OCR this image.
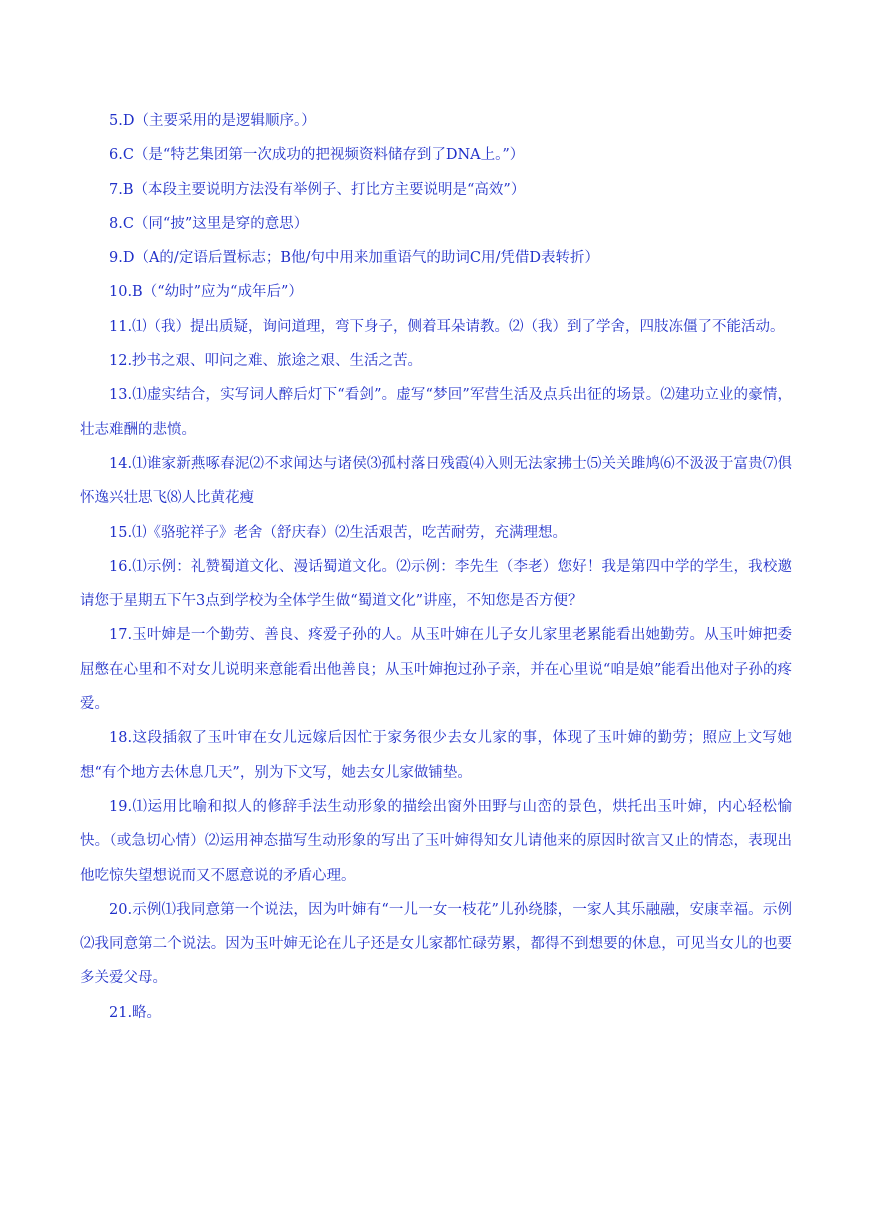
5.D（主要采用的是逻辑顺序。）

6.C（是“特艺集团第一次成功的把视频资料储存到了DNA上。”）

7.B（本段主要说明方法没有举例子、打比方主要说明是“高效”）

8.C（同“披”这里是穿的意思）

9.D（A的/定语后置标志；B他/句中用来加重语气的助词C用/凭借D表转折）

10.B（“幼时”应为“成年后”）

11.⑴（我）提出质疑，询问道理，弯下身子，侧着耳朵请教。⑵（我）到了学舍，四肢冻僵了不能活动。

12.抄书之艰、叩问之难、旅途之艰、生活之苦。

13.⑴虚实结合，实写词人醉后灯下“看剑”。虚写“梦回”军营生活及点兵出征的场景。⑵建功立业的豪情，壮志难酬的悲愤。

14.⑴谁家新燕啄春泥⑵不求闻达与诸侯⑶孤村落日残霞⑷入则无法家拂士⑸关关雎鸠⑹不汲汲于富贵⑺俱怀逸兴壮思飞⑻人比黄花瘦

15.⑴《骆驼祥子》老舍（舒庆春）⑵生活艰苦，吃苦耐劳，充满理想。

16.⑴示例：礼赞蜀道文化、漫话蜀道文化。⑵示例：李先生（李老）您好！我是第四中学的学生，我校邀请您于星期五下午3点到学校为全体学生做“蜀道文化”讲座，不知您是否方便？

17.玉叶婶是一个勤劳、善良、疼爱子孙的人。从玉叶婶在儿子女儿家里老累能看出她勤劳。从玉叶婶把委屈憋在心里和不对女儿说明来意能看出他善良；从玉叶婶抱过孙子亲，并在心里说“咱是娘”能看出他对子孙的疼爱。

18.这段插叙了玉叶审在女儿远嫁后因忙于家务很少去女儿家的事，体现了玉叶婶的勤劳；照应上文写她想“有个地方去休息几天”，别为下文写，她去女儿家做铺垫。

19.⑴运用比喻和拟人的修辞手法生动形象的描绘出窗外田野与山峦的景色，烘托出玉叶婶，内心轻松愉快。（或急切心情）⑵运用神态描写生动形象的写出了玉叶婶得知女儿请他来的原因时欲言又止的情态，表现出他吃惊失望想说而又不愿意说的矛盾心理。

20.示例⑴我同意第一个说法，因为叶婶有“一儿一女一枝花”儿孙绕膝，一家人其乐融融，安康幸福。示例⑵我同意第二个说法。因为玉叶婶无论在儿子还是女儿家都忙碌劳累，都得不到想要的休息，可见当女儿的也要多关爱父母。

21.略。
